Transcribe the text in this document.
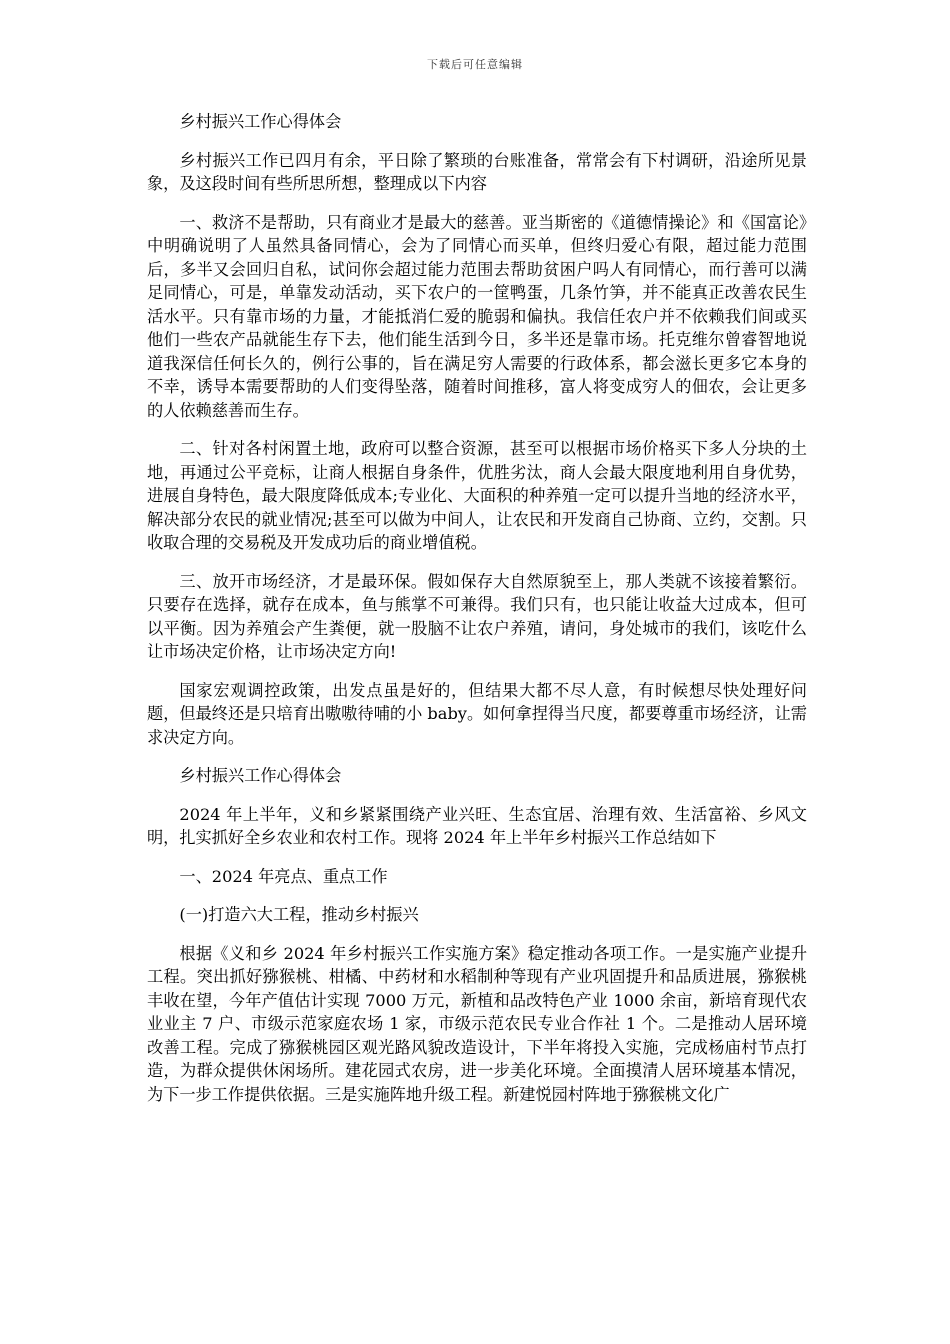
下载后可任意编辑

乡村振兴工作心得体会

乡村振兴工作已四月有余，平日除了繁琐的台账准备，常常会有下村调研，沿途所见景象，及这段时间有些所思所想，整理成以下内容

一、救济不是帮助，只有商业才是最大的慈善。亚当斯密的《道德情操论》和《国富论》中明确说明了人虽然具备同情心，会为了同情心而买单，但终归爱心有限，超过能力范围后，多半又会回归自私，试问你会超过能力范围去帮助贫困户吗人有同情心，而行善可以满足同情心，可是，单靠发动活动，买下农户的一筐鸭蛋，几条竹笋，并不能真正改善农民生活水平。只有靠市场的力量，才能抵消仁爱的脆弱和偏执。我信任农户并不依赖我们间或买他们一些农产品就能生存下去，他们能生活到今日，多半还是靠市场。托克维尔曾睿智地说道我深信任何长久的，例行公事的，旨在满足穷人需要的行政体系，都会滋长更多它本身的不幸，诱导本需要帮助的人们变得坠落，随着时间推移，富人将变成穷人的佃农，会让更多的人依赖慈善而生存。

二、针对各村闲置土地，政府可以整合资源，甚至可以根据市场价格买下多人分块的土地，再通过公平竞标，让商人根据自身条件，优胜劣汰，商人会最大限度地利用自身优势，进展自身特色，最大限度降低成本;专业化、大面积的种养殖一定可以提升当地的经济水平，解决部分农民的就业情况;甚至可以做为中间人，让农民和开发商自己协商、立约，交割。只收取合理的交易税及开发成功后的商业增值税。

三、放开市场经济，才是最环保。假如保存大自然原貌至上，那人类就不该接着繁衍。只要存在选择，就存在成本，鱼与熊掌不可兼得。我们只有，也只能让收益大过成本，但可以平衡。因为养殖会产生粪便，就一股脑不让农户养殖，请问，身处城市的我们，该吃什么让市场决定价格，让市场决定方向!

国家宏观调控政策，出发点虽是好的，但结果大都不尽人意，有时候想尽快处理好问题，但最终还是只培育出嗷嗷待哺的小 baby。如何拿捏得当尺度，都要尊重市场经济，让需求决定方向。

乡村振兴工作心得体会

2024 年上半年，义和乡紧紧围绕产业兴旺、生态宜居、治理有效、生活富裕、乡风文明，扎实抓好全乡农业和农村工作。现将 2024 年上半年乡村振兴工作总结如下

一、2024 年亮点、重点工作

(一)打造六大工程，推动乡村振兴

根据《义和乡 2024 年乡村振兴工作实施方案》稳定推动各项工作。一是实施产业提升工程。突出抓好猕猴桃、柑橘、中药材和水稻制种等现有产业巩固提升和品质进展，猕猴桃丰收在望，今年产值估计实现 7000 万元，新植和品改特色产业 1000 余亩，新培育现代农业业主 7 户、市级示范家庭农场 1 家，市级示范农民专业合作社 1 个。二是推动人居环境改善工程。完成了猕猴桃园区观光路风貌改造设计，下半年将投入实施，完成杨庙村节点打造，为群众提供休闲场所。建花园式农房，进一步美化环境。全面摸清人居环境基本情况，为下一步工作提供依据。三是实施阵地升级工程。新建悦园村阵地于猕猴桃文化广
